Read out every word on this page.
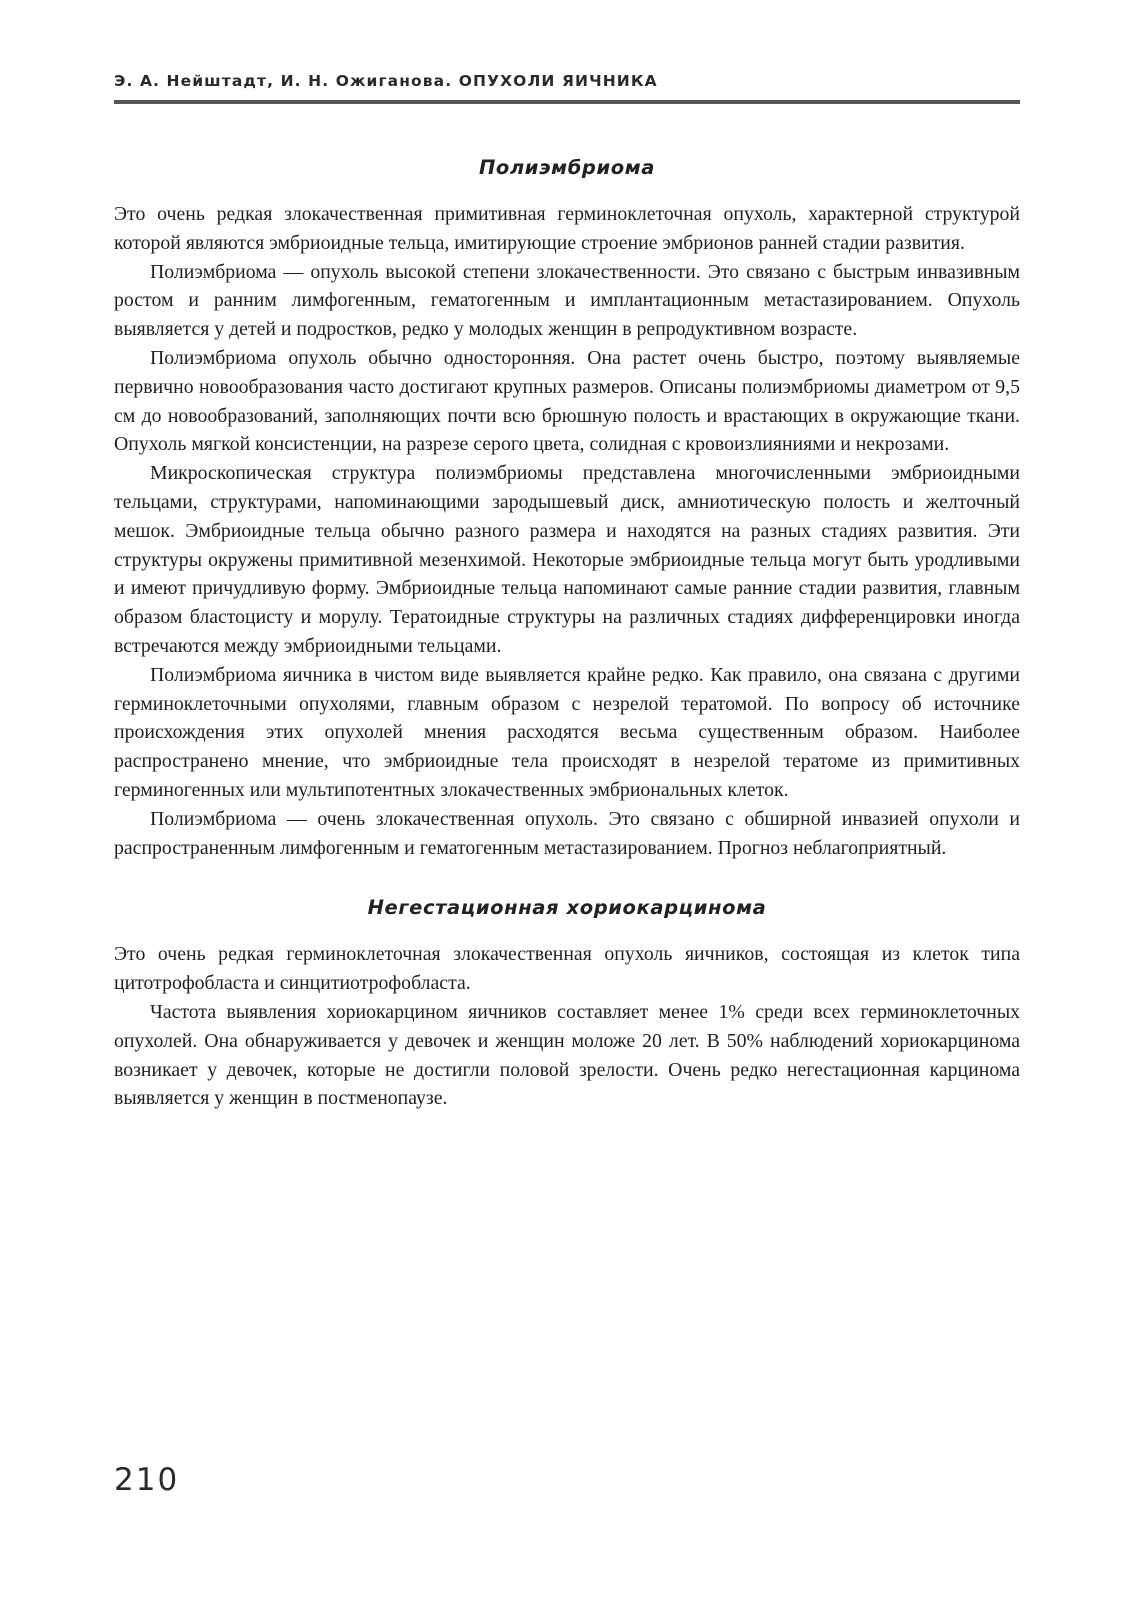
Э. А. Нейштадт, И. Н. Ожиганова. ОПУХОЛИ ЯИЧНИКА
Полиэмбриома

Это очень редкая злокачественная примитивная герминоклеточная опухоль, характерной структурой которой являются эмбриоидные тельца, имитирующие строение эмбрионов ранней стадии развития.

Полиэмбриома — опухоль высокой степени злокачественности. Это связано с быстрым инвазивным ростом и ранним лимфогенным, гематогенным и имплантационным метастазированием. Опухоль выявляется у детей и подростков, редко у молодых женщин в репродуктивном возрасте.

Полиэмбриома опухоль обычно односторонняя. Она растет очень быстро, поэтому выявляемые первично новообразования часто достигают крупных размеров. Описаны полиэмбриомы диаметром от 9,5 см до новообразований, заполняющих почти всю брюшную полость и врастающих в окружающие ткани. Опухоль мягкой консистенции, на разрезе серого цвета, солидная с кровоизлияниями и некрозами.

Микроскопическая структура полиэмбриомы представлена многочисленными эмбриоидными тельцами, структурами, напоминающими зародышевый диск, амниотическую полость и желточный мешок. Эмбриоидные тельца обычно разного размера и находятся на разных стадиях развития. Эти структуры окружены примитивной мезенхимой. Некоторые эмбриоидные тельца могут быть уродливыми и имеют причудливую форму. Эмбриоидные тельца напоминают самые ранние стадии развития, главным образом бластоцисту и морулу. Тератоидные структуры на различных стадиях дифференцировки иногда встречаются между эмбриоидными тельцами.

Полиэмбриома яичника в чистом виде выявляется крайне редко. Как правило, она связана с другими герминоклеточными опухолями, главным образом с незрелой тератомой. По вопросу об источнике происхождения этих опухолей мнения расходятся весьма существенным образом. Наиболее распространено мнение, что эмбриоидные тела происходят в незрелой тератоме из примитивных герминогенных или мультипотентных злокачественных эмбриональных клеток.

Полиэмбриома — очень злокачественная опухоль. Это связано с обширной инвазией опухоли и распространенным лимфогенным и гематогенным метастазированием. Прогноз неблагоприятный.

Негестационная хориокарцинома

Это очень редкая герминоклеточная злокачественная опухоль яичников, состоящая из клеток типа цитотрофобласта и синцитиотрофобласта.

Частота выявления хориокарцином яичников составляет менее 1% среди всех герминоклеточных опухолей. Она обнаруживается у девочек и женщин моложе 20 лет. В 50% наблюдений хориокарцинома возникает у девочек, которые не достигли половой зрелости. Очень редко негестационная карцинома выявляется у женщин в постменопаузе.

210
